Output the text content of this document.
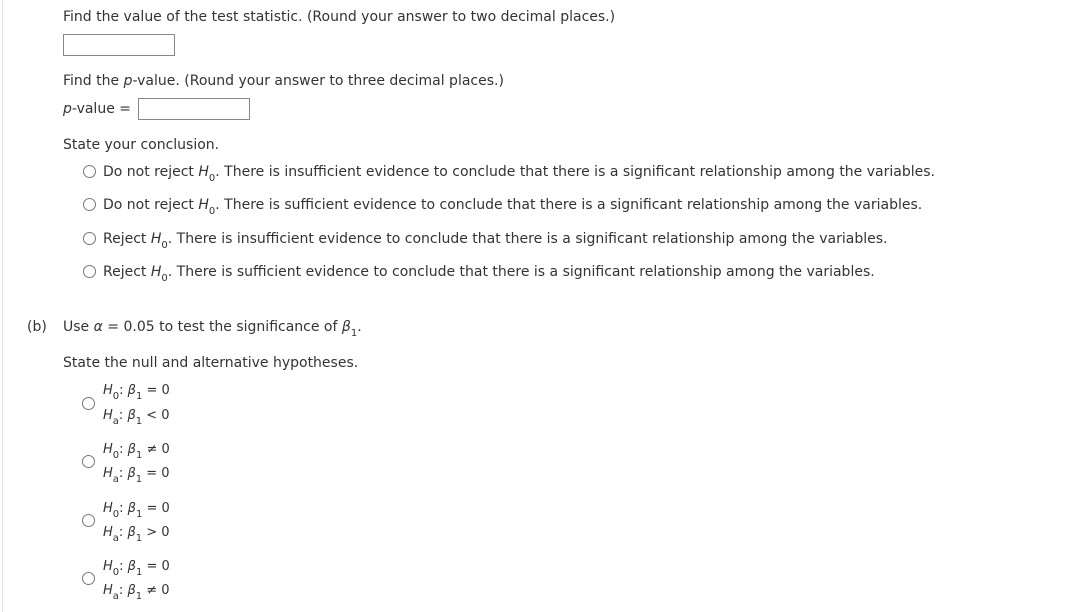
Find the value of the test statistic. (Round your answer to two decimal places.)
Find the p-value. (Round your answer to three decimal places.)
p-value =
State your conclusion.
Do not reject $H_0$. There is insufficient evidence to conclude that there is a significant relationship among the variables.
Do not reject $H_0$. There is sufficient evidence to conclude that there is a significant relationship among the variables.
Reject $H_0$. There is insufficient evidence to conclude that there is a significant relationship among the variables.
Reject $H_0$. There is sufficient evidence to conclude that there is a significant relationship among the variables.
(b) Use α = 0.05 to test the significance of $\beta_1$.
State the null and alternative hypotheses.
$H_0$: $\beta_1 = 0$
$H_a$: $\beta_1 < 0$
$H_0$: $\beta_1 \ne 0$
$H_a$: $\beta_1 = 0$
$H_0$: $\beta_1 = 0$
$H_a$: $\beta_1 > 0$
$H_0$: $\beta_1 = 0$
$H_a$: $\beta_1 \ne 0$
